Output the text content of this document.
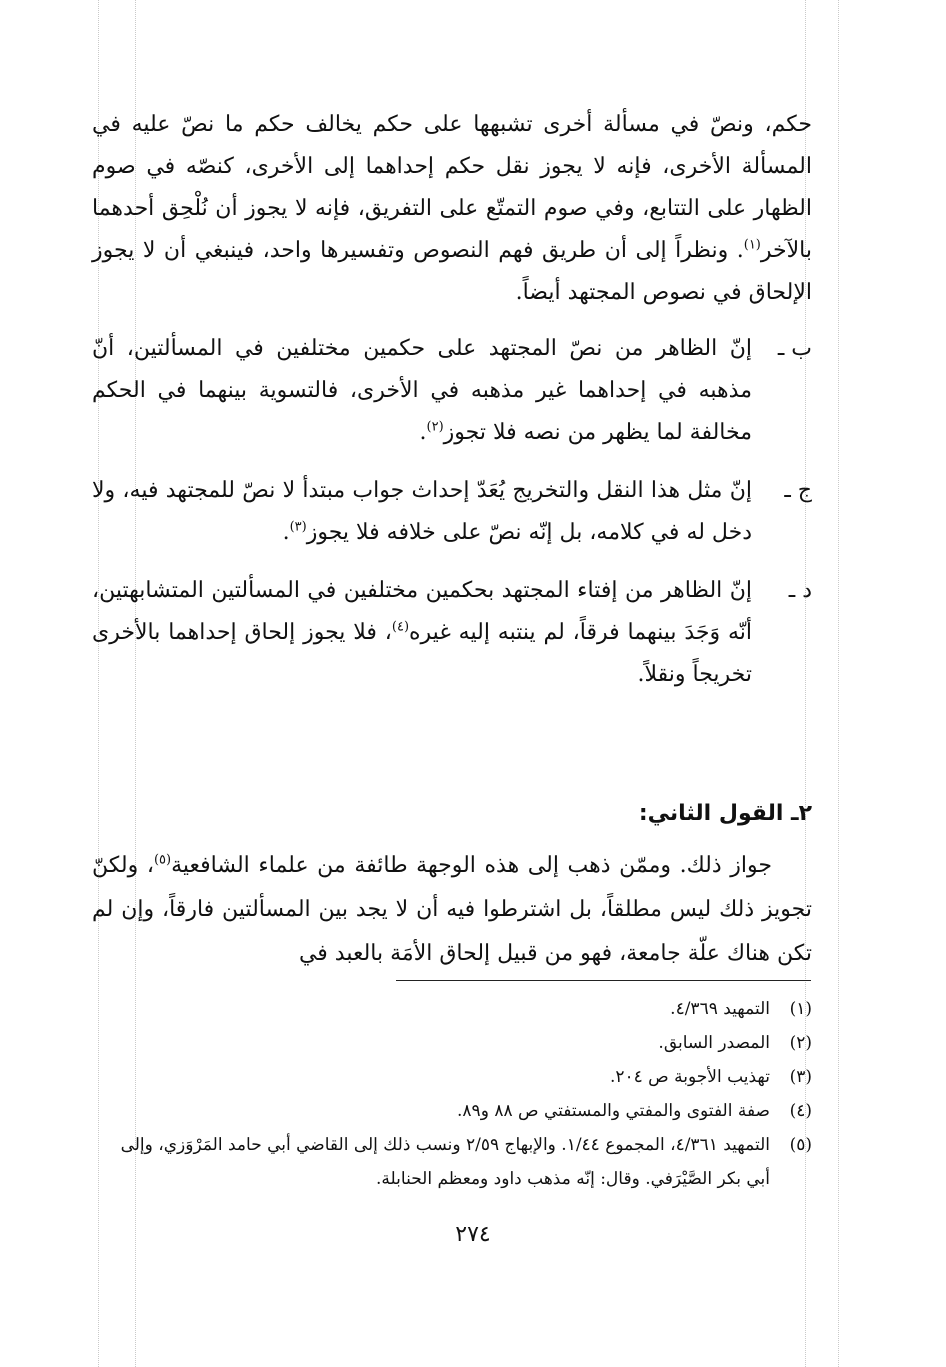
حكم، ونصّ في مسألة أخرى تشبهها على حكم يخالف حكم ما نصّ عليه في المسألة الأخرى، فإنه لا يجوز نقل حكم إحداهما إلى الأخرى، كنصّه في صوم الظهار على التتابع، وفي صوم التمتّع على التفريق، فإنه لا يجوز أن نُلْحِق أحدهما بالآخر$^{(١)}$. ونظراً إلى أن طريق فهم النصوص وتفسيرها واحد، فينبغي أن لا يجوز الإلحاق في نصوص المجتهد أيضاً.

ب ـ
إنّ الظاهر من نصّ المجتهد على حكمين مختلفين في المسألتين، أنّ مذهبه في إحداهما غير مذهبه في الأخرى، فالتسوية بينهما في الحكم مخالفة لما يظهر من نصه فلا تجوز$^{(٢)}$.

ج ـ
إنّ مثل هذا النقل والتخريج يُعَدّ إحداث جواب مبتدأ لا نصّ للمجتهد فيه، ولا دخل له في كلامه، بل إنّه نصّ على خلافه فلا يجوز$^{(٣)}$.

د ـ
إنّ الظاهر من إفتاء المجتهد بحكمين مختلفين في المسألتين المتشابهتين، أنّه وَجَدَ بينهما فرقاً، لم ينتبه إليه غيره$^{(٤)}$، فلا يجوز إلحاق إحداهما بالأخرى تخريجاً ونقلاً.

٢ـ القول الثاني:

جواز ذلك. وممّن ذهب إلى هذه الوجهة طائفة من علماء الشافعية$^{(٥)}$، ولكنّ تجويز ذلك ليس مطلقاً، بل اشترطوا فيه أن لا يجد بين المسألتين فارقاً، وإن لم تكن هناك علّة جامعة، فهو من قبيل إلحاق الأمَة بالعبد في

(١)
التمهيد ٤/٣٦٩.

(٢)
المصدر السابق.

(٣)
تهذيب الأجوبة ص ٢٠٤.

(٤)
صفة الفتوى والمفتي والمستفتي ص ٨٨ و٨٩.

(٥)
التمهيد ٤/٣٦١، المجموع ١/٤٤. والإبهاج ٢/٥٩ ونسب ذلك إلى القاضي أبي حامد المَرْوَزي، وإلى أبي بكر الصَّيْرَفي. وقال: إنّه مذهب داود ومعظم الحنابلة.

٢٧٤
